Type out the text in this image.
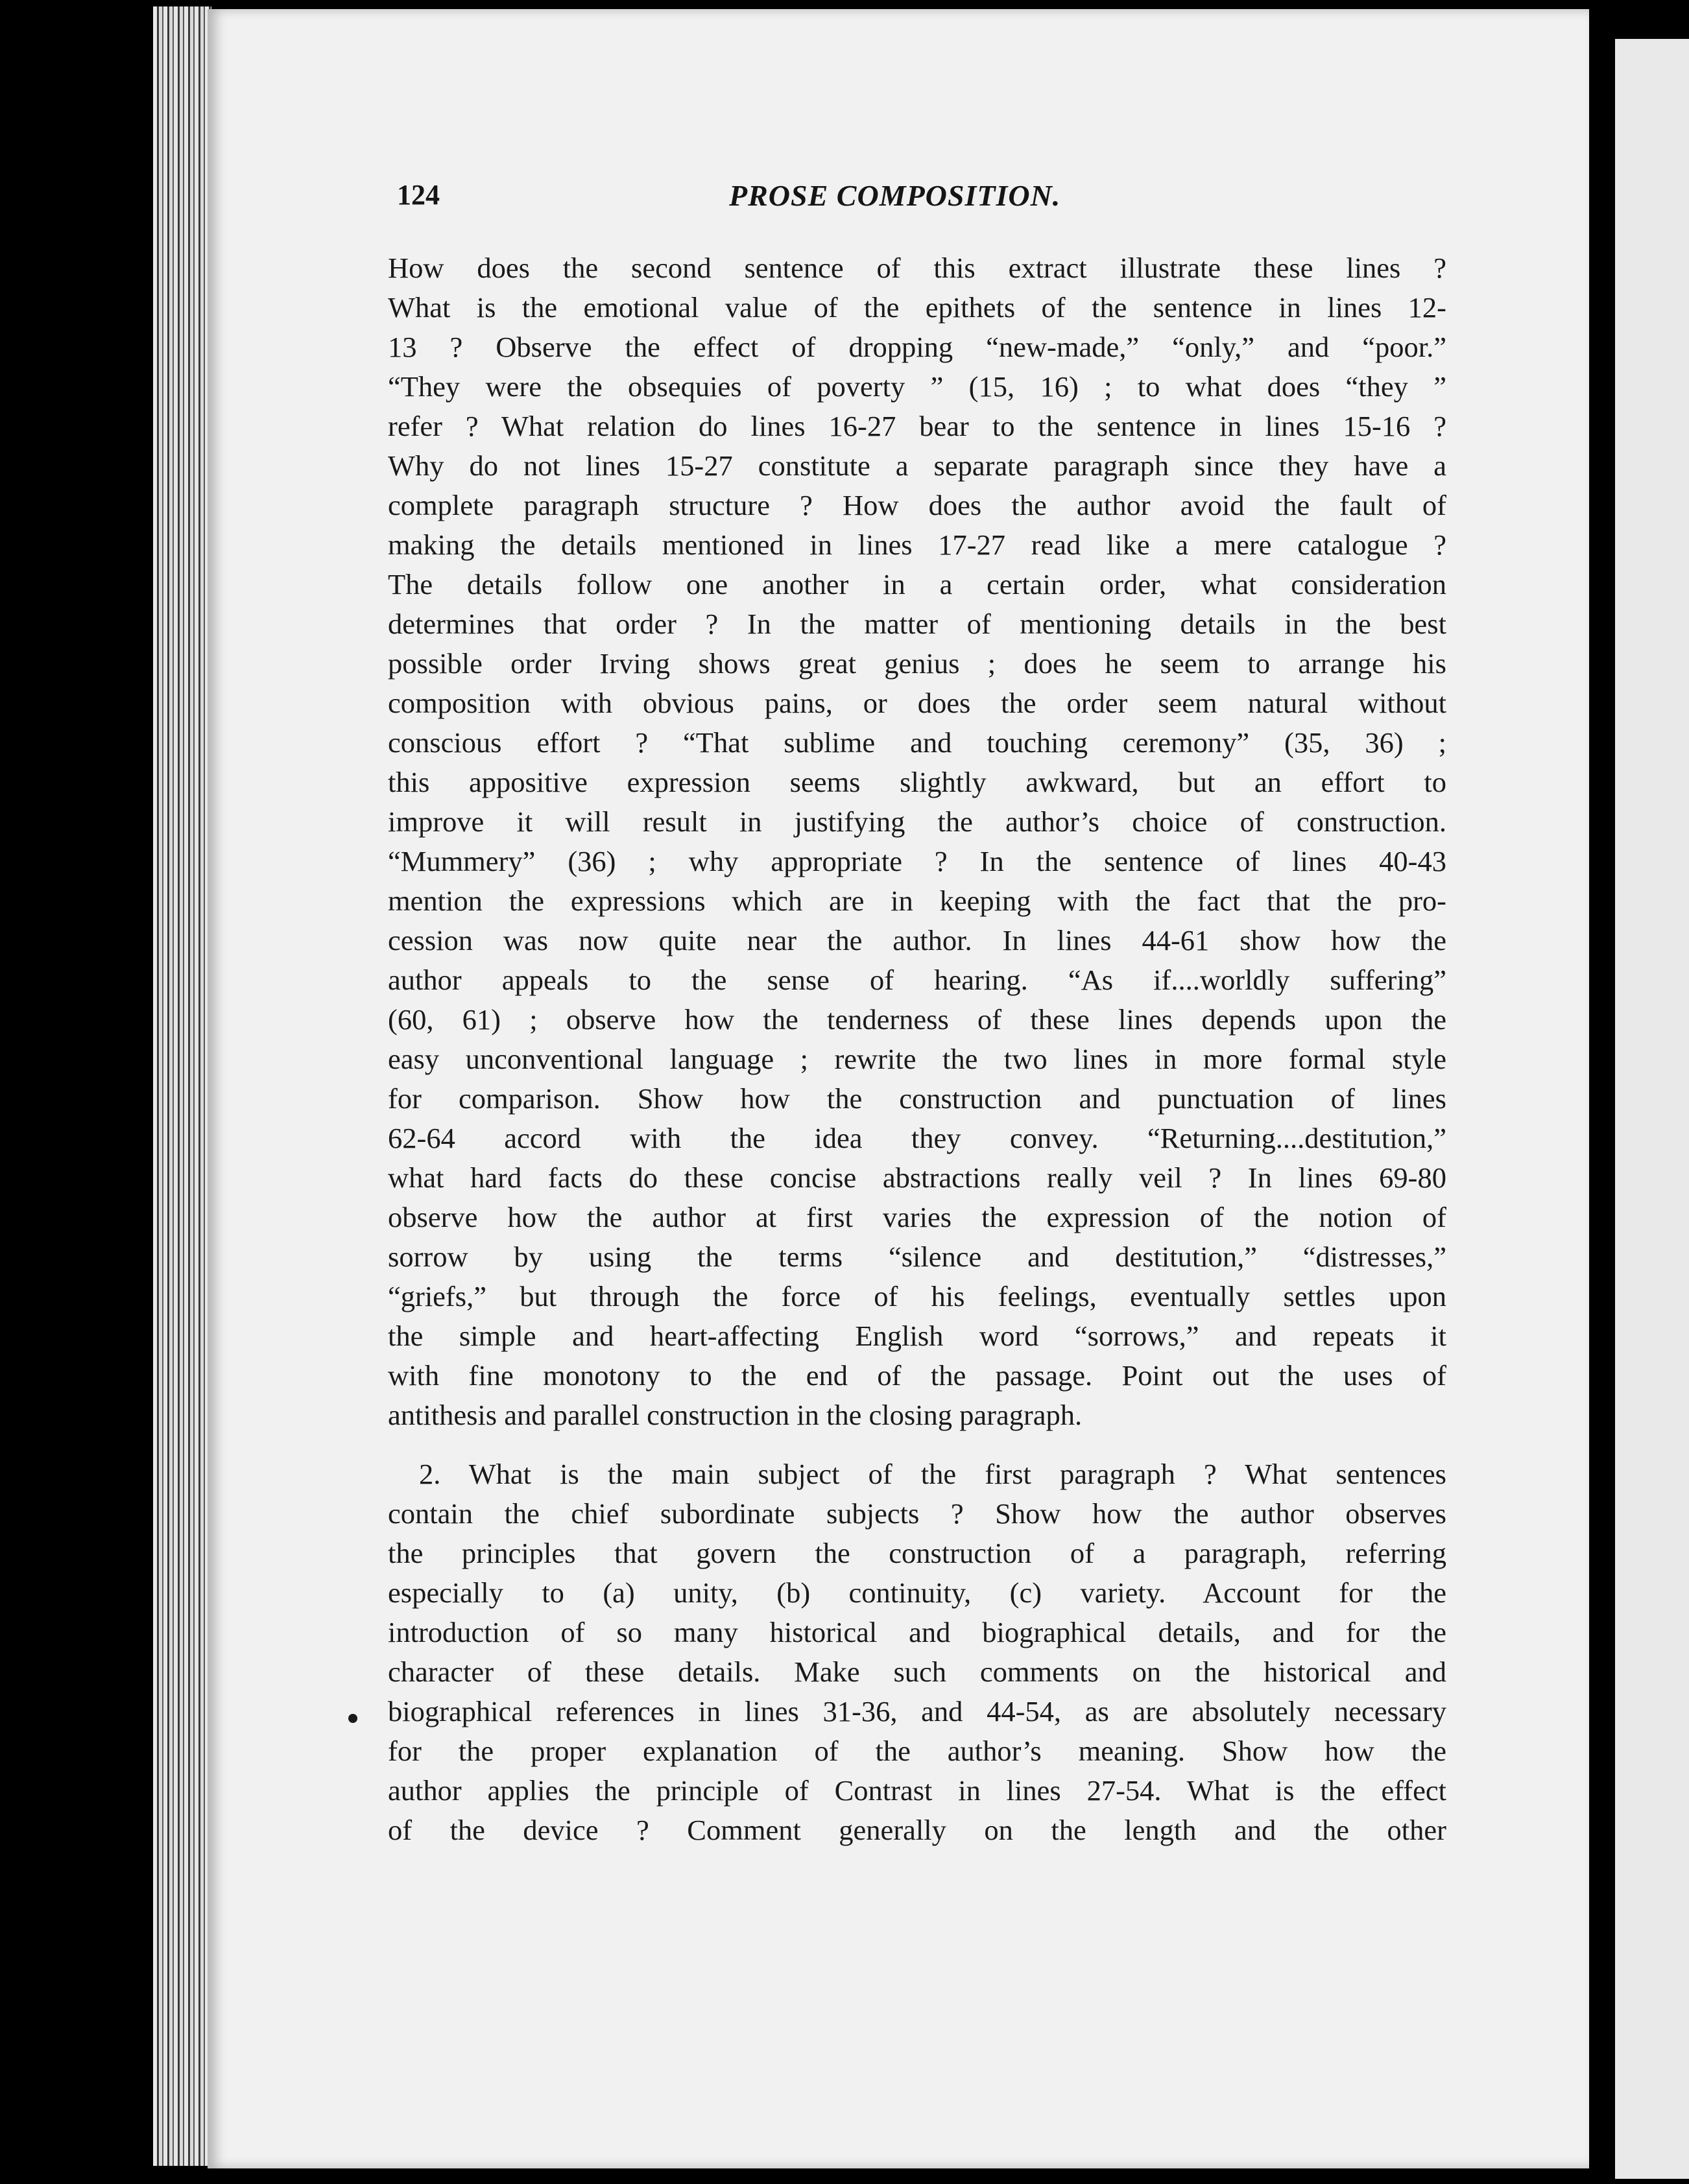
124	PROSE COMPOSITION.
How does the second sentence of this extract illustrate these lines ?
What is the emotional value of the epithets of the sentence in lines 12-
13 ? Observe the effect of dropping “new-made,” “only,” and “poor.”
“They were the obsequies of poverty ” (15, 16) ; to what does “they ”
refer ? What relation do lines 16-27 bear to the sentence in lines 15-16 ?
Why do not lines 15-27 constitute a separate paragraph since they have a
complete paragraph structure ? How does the author avoid the fault of
making the details mentioned in lines 17-27 read like a mere catalogue ?
The details follow one another in a certain order, what consideration
determines that order ? In the matter of mentioning details in the best
possible order Irving shows great genius ; does he seem to arrange his
composition with obvious pains, or does the order seem natural without
conscious effort ? “That sublime and touching ceremony” (35, 36) ;
this appositive expression seems slightly awkward, but an effort to
improve it will result in justifying the author’s choice of construction.
“Mummery” (36) ; why appropriate ? In the sentence of lines 40-43
mention the expressions which are in keeping with the fact that the pro-
cession was now quite near the author. In lines 44-61 show how the
author appeals to the sense of hearing. “As if....worldly suffering”
(60, 61) ; observe how the tenderness of these lines depends upon the
easy unconventional language ; rewrite the two lines in more formal style
for comparison. Show how the construction and punctuation of lines
62-64 accord with the idea they convey. “Returning....destitution,”
what hard facts do these concise abstractions really veil ? In lines 69-80
observe how the author at first varies the expression of the notion of
sorrow by using the terms “silence and destitution,” “distresses,”
“griefs,” but through the force of his feelings, eventually settles upon
the simple and heart-affecting English word “sorrows,” and repeats it
with fine monotony to the end of the passage. Point out the uses of
antithesis and parallel construction in the closing paragraph.
2. What is the main subject of the first paragraph ? What sentences
contain the chief subordinate subjects ? Show how the author observes
the principles that govern the construction of a paragraph, referring
especially to (a) unity, (b) continuity, (c) variety. Account for the
introduction of so many historical and biographical details, and for the
character of these details. Make such comments on the historical and
biographical references in lines 31-36, and 44-54, as are absolutely necessary
for the proper explanation of the author’s meaning. Show how the
author applies the principle of Contrast in lines 27-54. What is the effect
of the device ? Comment generally on the length and the other
